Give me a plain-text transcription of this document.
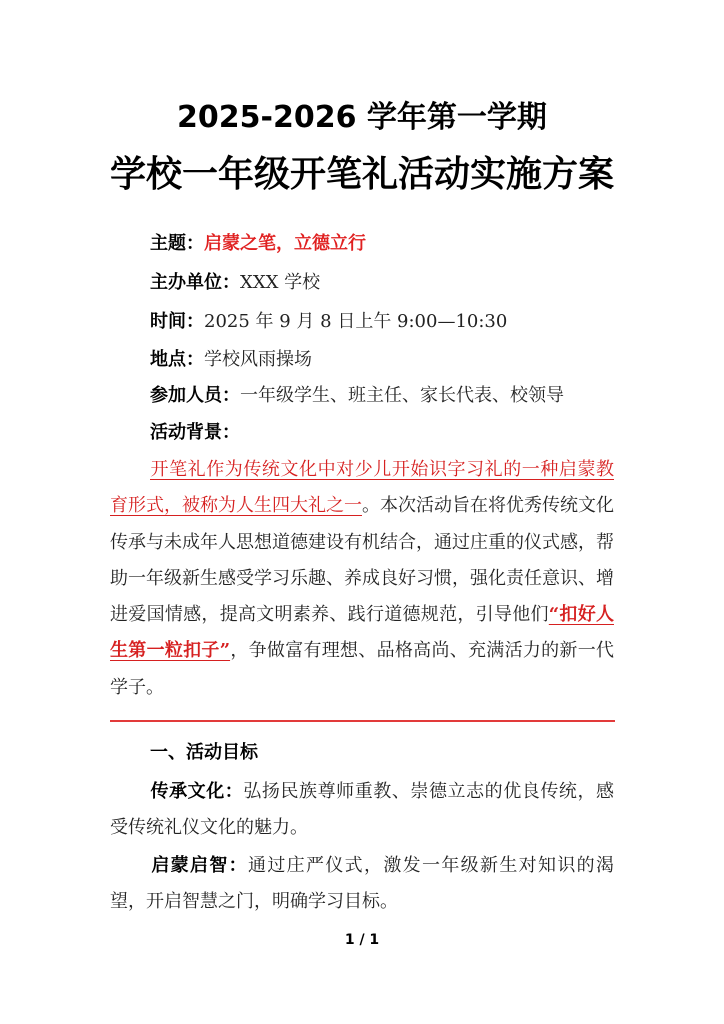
2025-2026 学年第一学期
学校一年级开笔礼活动实施方案
主题：启蒙之笔，立德立行
主办单位：XXX 学校
时间：2025 年 9 月 8 日上午 9:00—10:30
地点：学校风雨操场
参加人员：一年级学生、班主任、家长代表、校领导
活动背景：
开笔礼作为传统文化中对少儿开始识字习礼的一种启蒙教育形式，被称为人生四大礼之一。本次活动旨在将优秀传统文化传承与未成年人思想道德建设有机结合，通过庄重的仪式感，帮助一年级新生感受学习乐趣、养成良好习惯，强化责任意识、增进爱国情感，提高文明素养、践行道德规范，引导他们“扣好人生第一粒扣子”，争做富有理想、品格高尚、充满活力的新一代学子。
一、活动目标
传承文化：弘扬民族尊师重教、崇德立志的优良传统，感受传统礼仪文化的魅力。
启蒙启智：通过庄严仪式，激发一年级新生对知识的渴望，开启智慧之门，明确学习目标。
1 / 1
